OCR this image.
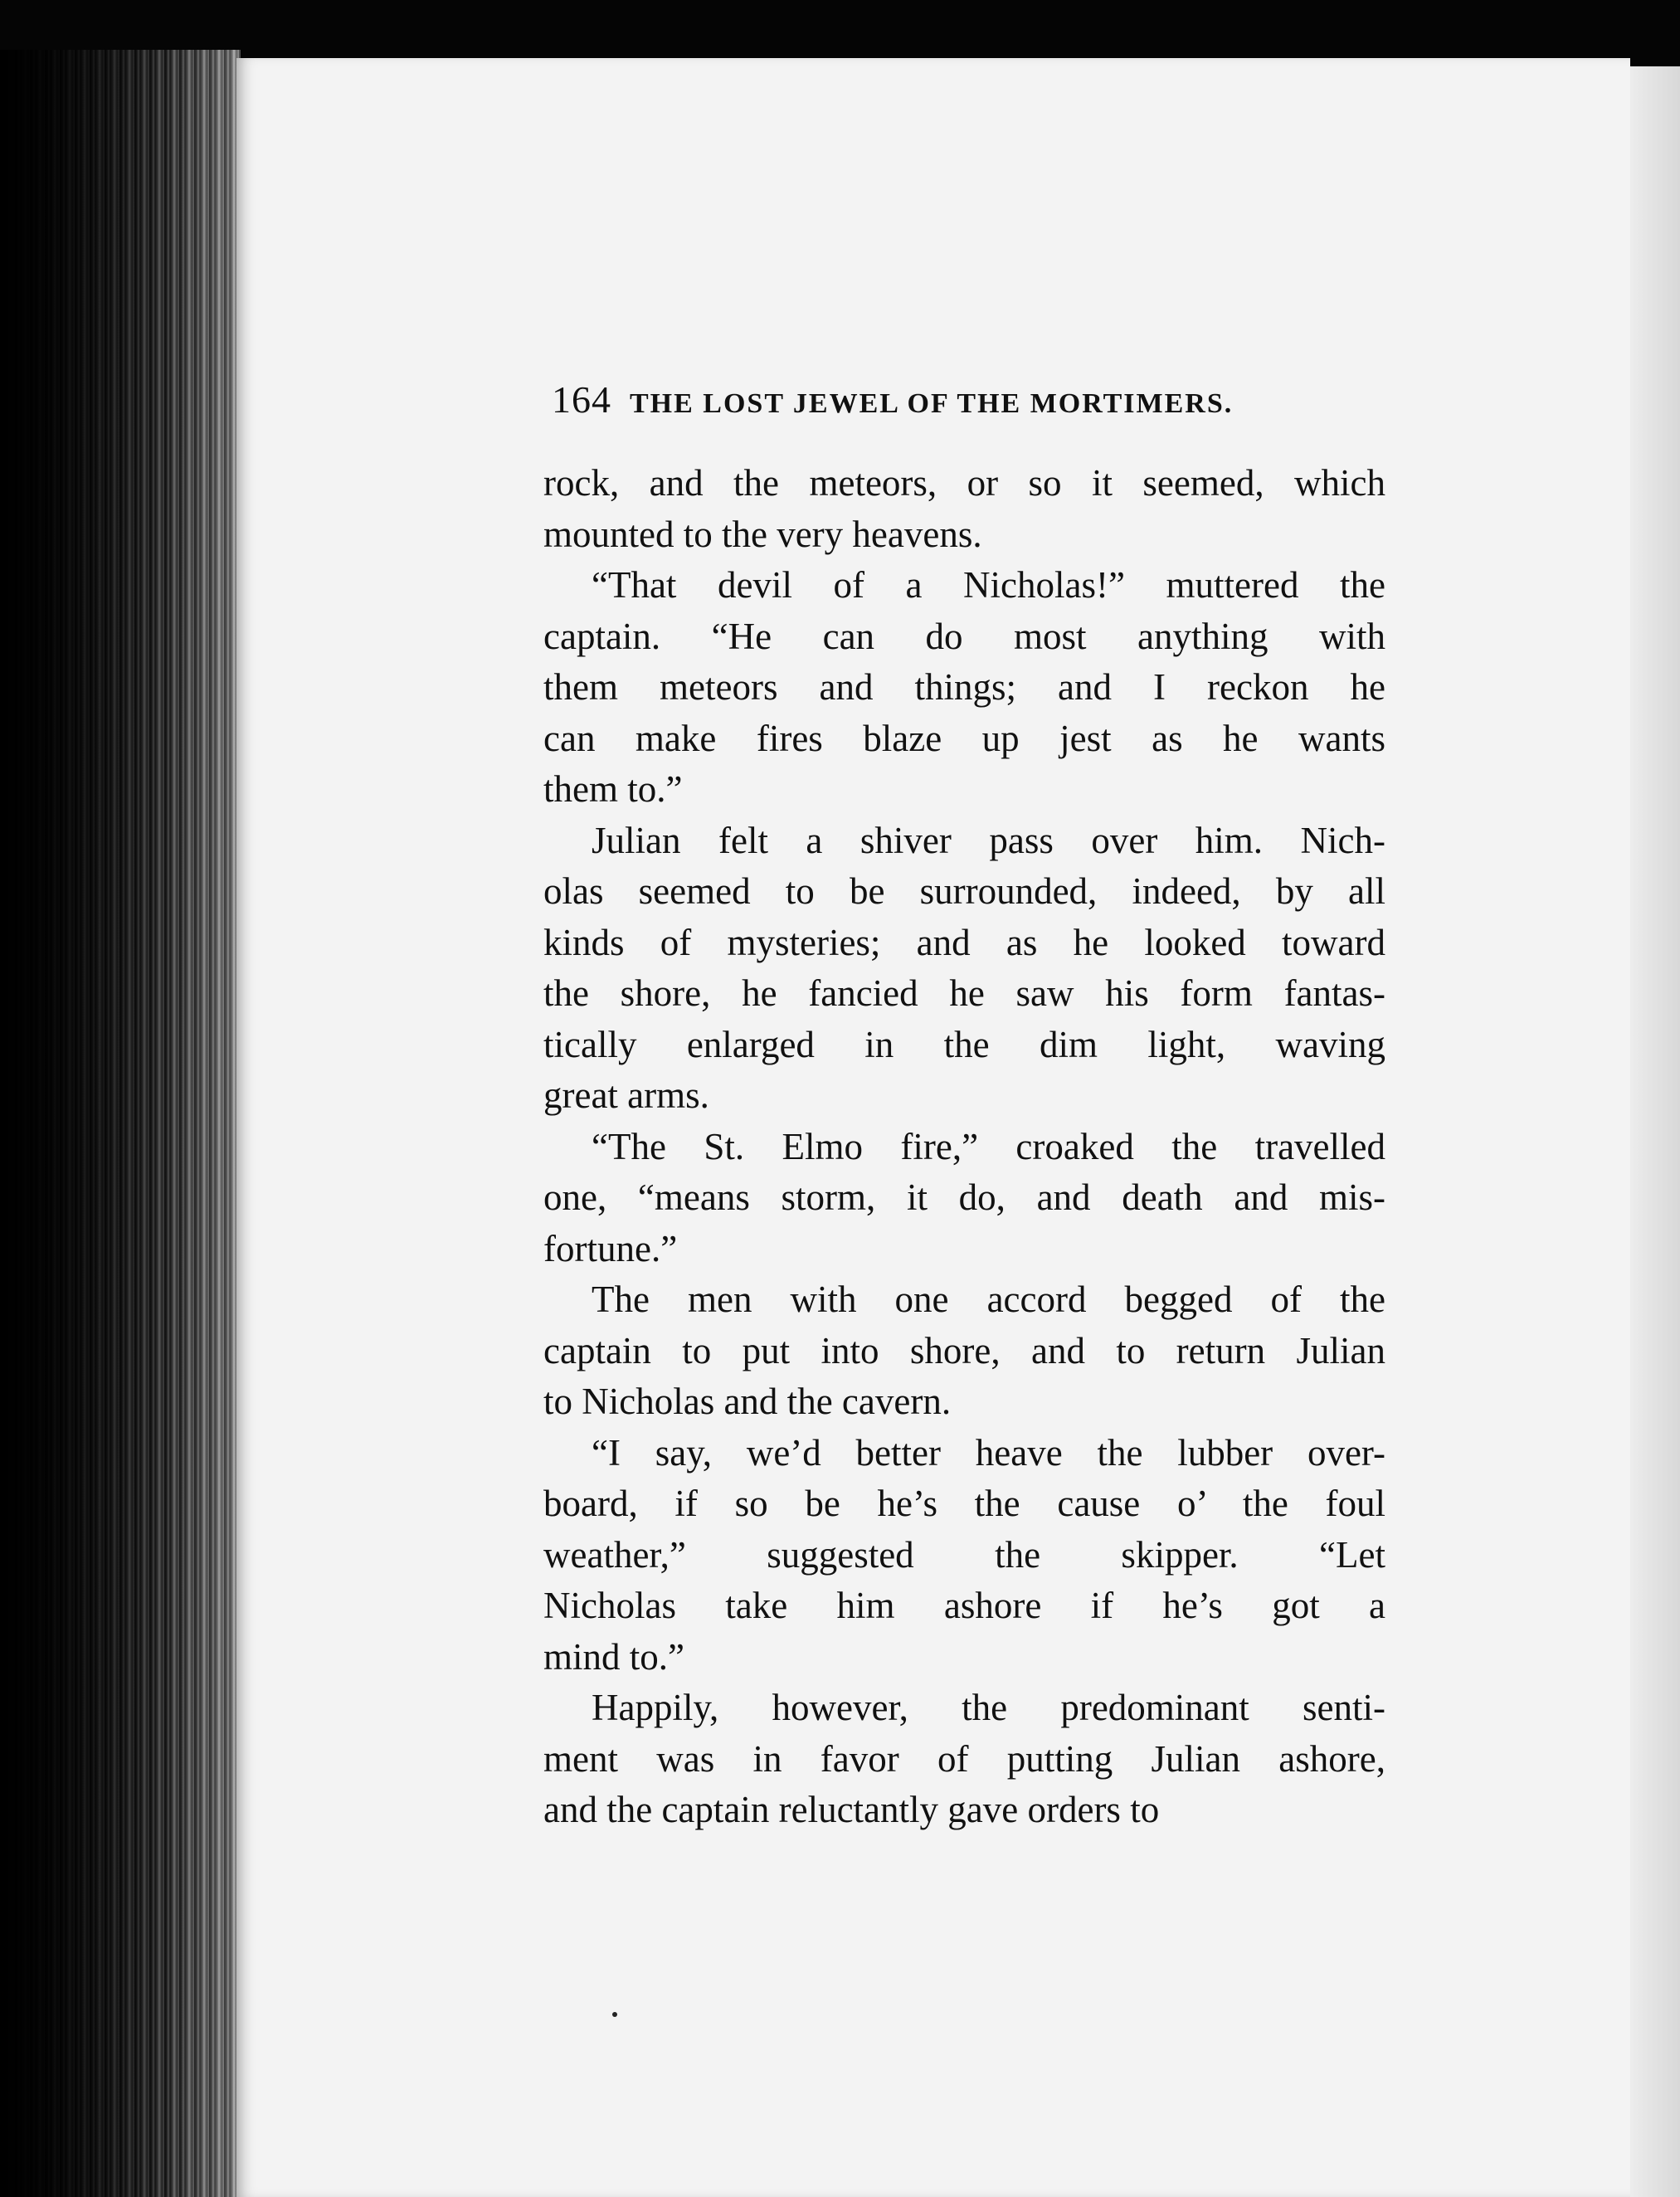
164 THE LOST JEWEL OF THE MORTIMERS.
rock, and the meteors, or so it seemed, which
mounted to the very heavens.
“That devil of a Nicholas!” muttered the
captain. “He can do most anything with
them meteors and things; and I reckon he
can make fires blaze up jest as he wants
them to.”
Julian felt a shiver pass over him. Nich-
olas seemed to be surrounded, indeed, by all
kinds of mysteries; and as he looked toward
the shore, he fancied he saw his form fantas-
tically enlarged in the dim light, waving
great arms.
“The St. Elmo fire,” croaked the travelled
one, “means storm, it do, and death and mis-
fortune.”
The men with one accord begged of the
captain to put into shore, and to return Julian
to Nicholas and the cavern.
“I say, we’d better heave the lubber over-
board, if so be he’s the cause o’ the foul
weather,” suggested the skipper. “Let
Nicholas take him ashore if he’s got a
mind to.”
Happily, however, the predominant senti-
ment was in favor of putting Julian ashore,
and the captain reluctantly gave orders to
